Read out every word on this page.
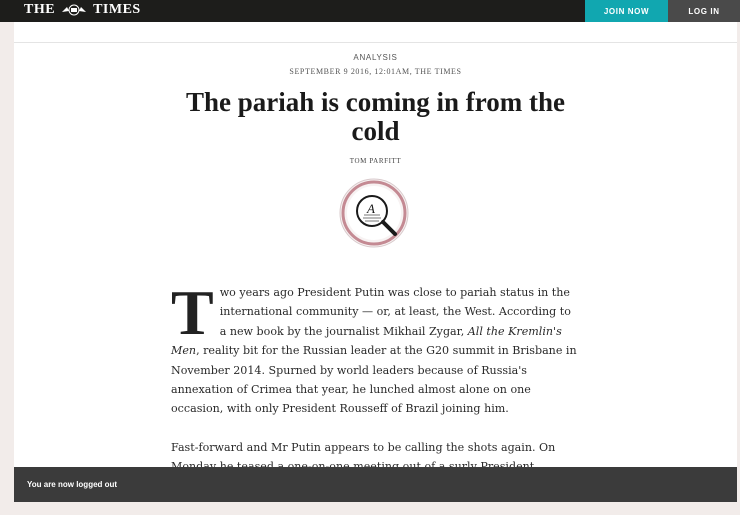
THE	TIMES	JOIN NOW	LOG IN
ANALYSIS
SEPTEMBER 9 2016, 12:01AM, THE TIMES
The pariah is coming in from the cold
TOM PARFITT
A

Two years ago President Putin was close to pariah status in the international community — or, at least, the West. According to a new book by the journalist Mikhail Zygar, All the Kremlin's Men, reality bit for the Russian leader at the G20 summit in Brisbane in November 2014. Spurned by world leaders because of Russia's annexation of Crimea that year, he lunched almost alone on one occasion, with only President Rousseff of Brazil joining him.

Fast-forward and Mr Putin appears to be calling the shots again. On

You are now logged out
